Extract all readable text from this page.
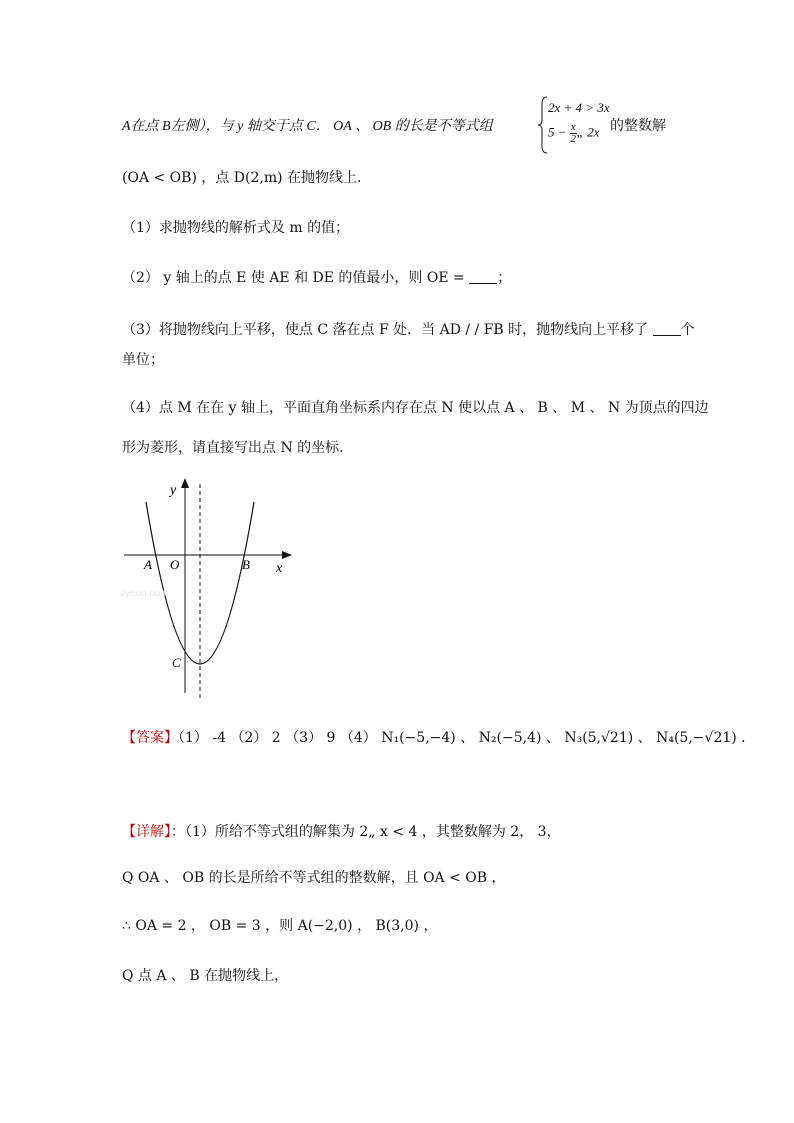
A在点 B左侧），与 y 轴交于点 C． OA 、 OB 的长是不等式组
2x + 4 > 3x
$5 - \frac{x}{2}$ „ 2x 的整数解
(OA < OB) ，点 D(2,m) 在抛物线上．
（1）求抛物线的解析式及 m 的值；
（2） y 轴上的点 E 使 AE 和 DE 的值最小，则 OE = ；
（3）将抛物线向上平移，使点 C 落在点 F 处．当 AD / / FB 时，抛物线向上平移了 个
单位；
（4）点 M 在在 y 轴上，平面直角坐标系内存在点 N 使以点 A 、 B 、 M 、 N 为顶点的四边
形为菱形，请直接写出点 N 的坐标．
y
x
A O	B
C
Jyeoo.com
【答案】（1） -4 （2） 2 （3） 9 （4） N₁(−5,−4) 、 N₂(−5,4) 、 N₃(5,√21) 、 N₄(5,−√21) ．
【详解】：（1）所给不等式组的解集为 2„ x < 4 ，其整数解为 2， 3，
Q OA 、 OB 的长是所给不等式组的整数解，且 OA < OB ，
∴ OA = 2 ， OB = 3 ，则 A(−2,0) ， B(3,0) ，
Q 点 A 、 B 在抛物线上，
